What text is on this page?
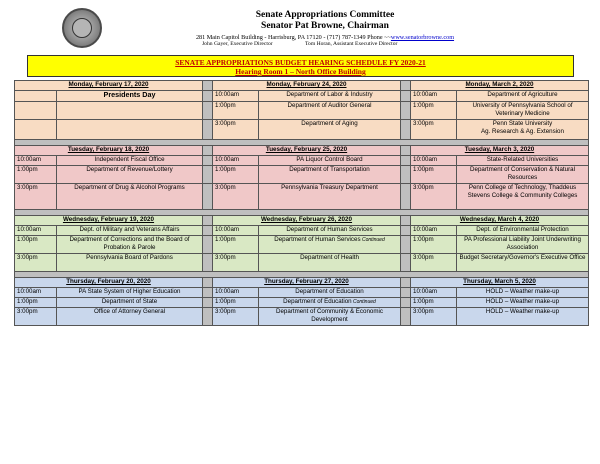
Senate Appropriations Committee
Senator Pat Browne, Chairman
281 Main Capitol Building - Harrisburg, PA 17120 - (717) 787-1349 Phone ~~www.senatorbrowne.com
John Gayer, Executive Director	Tom Horan, Assistant Executive Director
SENATE APPROPRIATIONS BUDGET HEARING SCHEDULE FY 2020-21
Hearing Room 1 – North Office Building
Monday, February 17, 2020			Monday, February 24, 2020			Monday, March 2, 2020	
	Presidents Day		10:00am	Department of Labor & Industry		10:00am	Department of Agriculture
			1:00pm	Department of Auditor General		1:00pm	University of Pennsylvania School of Veterinary Medicine
			3:00pm	Department of Aging		3:00pm	Penn State University
Ag. Research & Ag. Extension

Tuesday, February 18, 2020			Tuesday, February 25, 2020			Tuesday, March 3, 2020	
10:00am	Independent Fiscal Office		10:00am	PA Liquor Control Board		10:00am	State-Related Universities
1:00pm	Department of Revenue/Lottery		1:00pm	Department of Transportation		1:00pm	Department of Conservation & Natural Resources
3:00pm	Department of Drug & Alcohol Programs		3:00pm	Pennsylvania Treasury Department		3:00pm	Penn College of Technology, Thaddeus Stevens College & Community Colleges

Wednesday, February 19, 2020			Wednesday, February 26, 2020			Wednesday, March 4, 2020	
10:00am	Dept. of Military and Veterans Affairs		10:00am	Department of Human Services		10:00am	Dept. of Environmental Protection
1:00pm	Department of Corrections and the Board of Probation & Parole		1:00pm	Department of Human Services Continued		1:00pm	PA Professional Liability Joint Underwriting Association
3:00pm	Pennsylvania Board of Pardons		3:00pm	Department of Health		3:00pm	Budget Secretary/Governor's Executive Office

Thursday, February 20, 2020			Thursday, February 27, 2020			Thursday, March 5, 2020	
10:00am	PA State System of Higher Education		10:00am	Department of Education		10:00am	HOLD – Weather make-up
1:00pm	Department of State		1:00pm	Department of Education Continued		1:00pm	HOLD – Weather make-up
3:00pm	Office of Attorney General		3:00pm	Department of Community & Economic Development		3:00pm	HOLD – Weather make-up
